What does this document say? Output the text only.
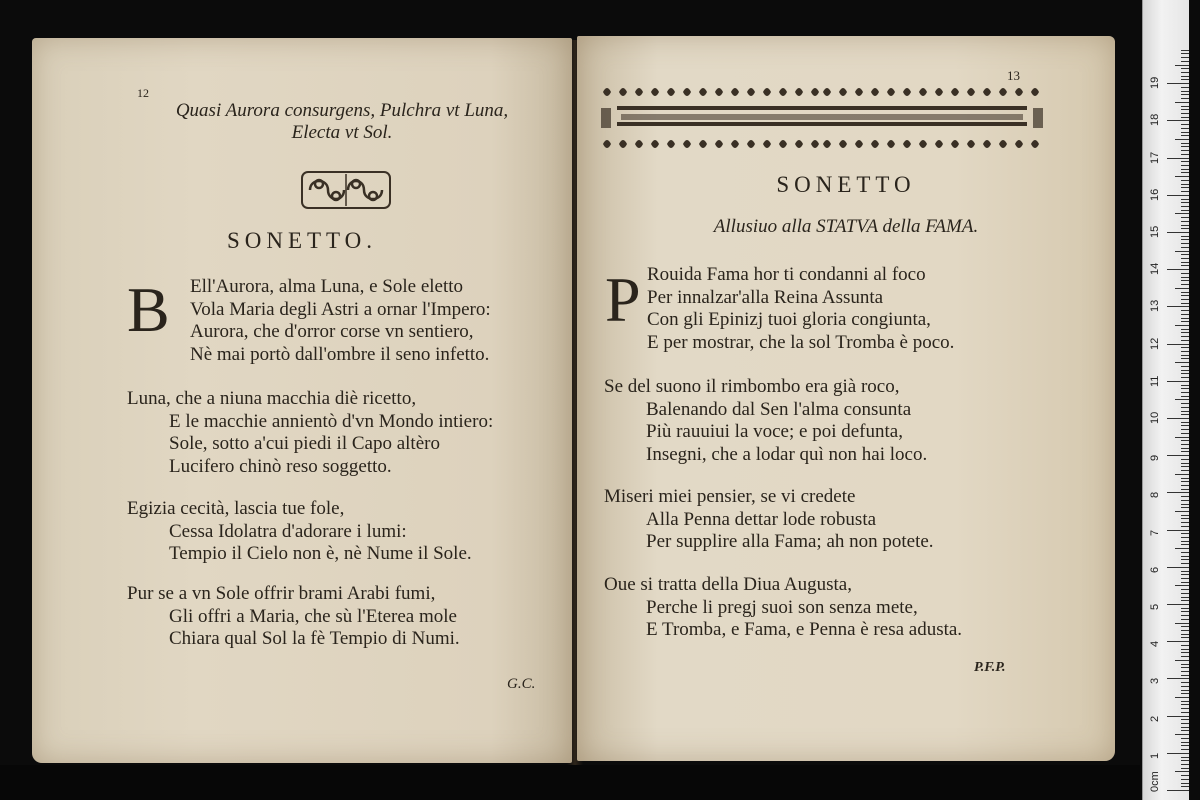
12
Quasi Aurora consurgens, Pulchra vt Luna,
Electa vt Sol.
SONETTO.
B Ell'Aurora, alma Luna, e Sole eletto
Vola Maria degli Astri a ornar l'Impero:
Aurora, che d'orror corse vn sentiero,
Nè mai portò dall'ombre il seno infetto.
Luna, che a niuna macchia diè ricetto,
E le macchie annientò d'vn Mondo intiero:
Sole, sotto a'cui piedi il Capo altèro
Lucifero chinò reso soggetto.
Egizia cecità, lascia tue fole,
Cessa Idolatra d'adorare i lumi:
Tempio il Cielo non è, nè Nume il Sole.
Pur se a vn Sole offrir brami Arabi fumi,
Gli offri a Maria, che sù l'Eterea mole
Chiara qual Sol la fè Tempio di Numi.
G.C.
13
SONETTO
Allusiuo alla STATVA della FAMA.
P Rouida Fama hor ti condanni al foco
Per innalzar'alla Reina Assunta
Con gli Epinizj tuoi gloria congiunta,
E per mostrar, che la sol Tromba è poco.
Se del suono il rimbombo era già roco,
Balenando dal Sen l'alma consunta
Più rauuiui la voce; e poi defunta,
Insegni, che a lodar quì non hai loco.
Miseri miei pensier, se vi credete
Alla Penna dettar lode robusta
Per supplire alla Fama; ah non potete.
Oue si tratta della Diua Augusta,
Perche li pregj suoi son senza mete,
E Tromba, e Fama, e Penna è resa adusta.
P.F.P.
0cm
1
2
3
4
5
6
7
8
9
10
11
12
13
14
15
16
17
18
19
